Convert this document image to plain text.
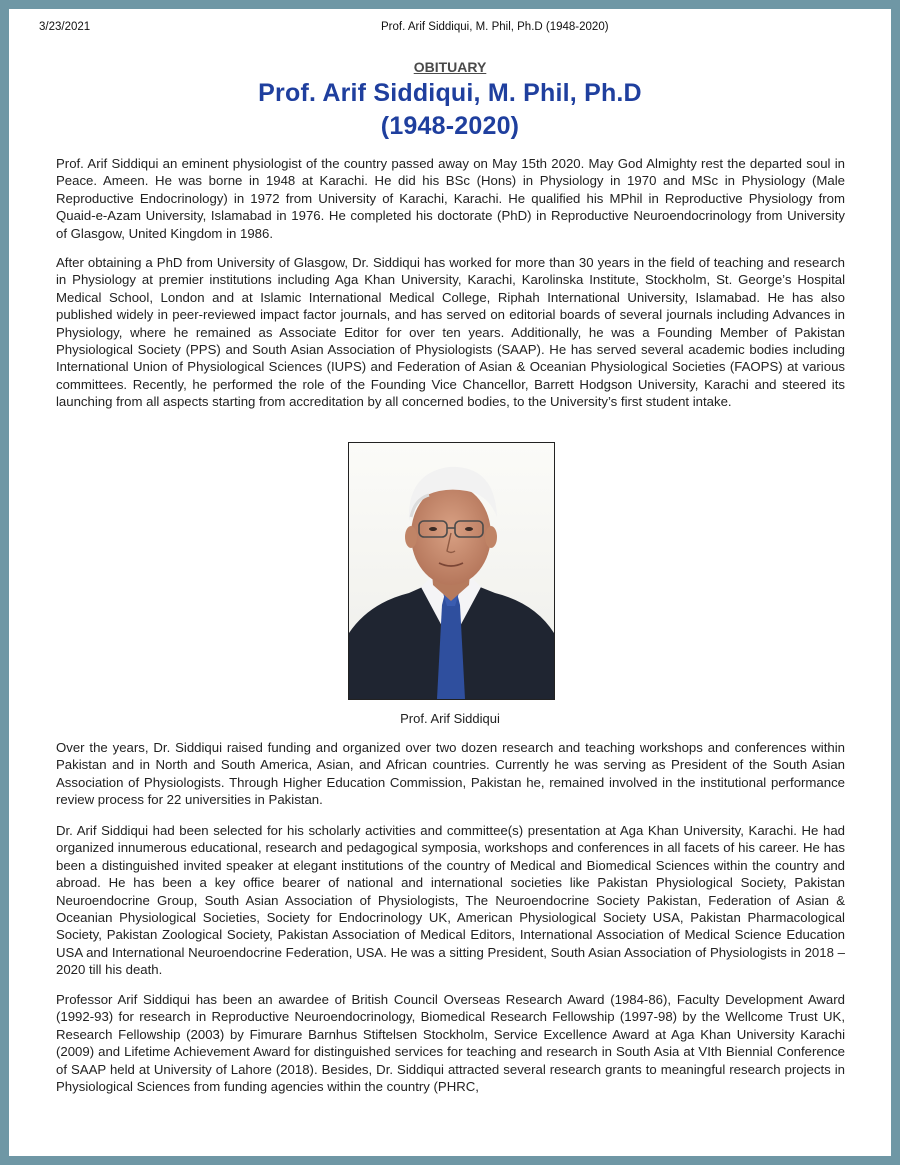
3/23/2021	Prof. Arif Siddiqui, M. Phil, Ph.D (1948-2020)
OBITUARY
Prof. Arif Siddiqui, M. Phil, Ph.D
(1948-2020)

Prof. Arif Siddiqui an eminent physiologist of the country passed away on May 15th 2020. May God Almighty rest the departed soul in Peace. Ameen. He was borne in 1948 at Karachi. He did his BSc (Hons) in Physiology in 1970 and MSc in Physiology (Male Reproductive Endocrinology) in 1972 from University of Karachi, Karachi. He qualified his MPhil in Reproductive Physiology from Quaid-e-Azam University, Islamabad in 1976. He completed his doctorate (PhD) in Reproductive Neuroendocrinology from University of Glasgow, United Kingdom in 1986.

After obtaining a PhD from University of Glasgow, Dr. Siddiqui has worked for more than 30 years in the field of teaching and research in Physiology at premier institutions including Aga Khan University, Karachi, Karolinska Institute, Stockholm, St. George’s Hospital Medical School, London and at Islamic International Medical College, Riphah International University, Islamabad. He has also published widely in peer-reviewed impact factor journals, and has served on editorial boards of several journals including Advances in Physiology, where he remained as Associate Editor for over ten years. Additionally, he was a Founding Member of Pakistan Physiological Society (PPS) and South Asian Association of Physiologists (SAAP). He has served several academic bodies including International Union of Physiological Sciences (IUPS) and Federation of Asian & Oceanian Physiological Societies (FAOPS) at various committees. Recently, he performed the role of the Founding Vice Chancellor, Barrett Hodgson University, Karachi and steered its launching from all aspects starting from accreditation by all concerned bodies, to the University’s first student intake.

Prof. Arif Siddiqui

Over the years, Dr. Siddiqui raised funding and organized over two dozen research and teaching workshops and conferences within Pakistan and in North and South America, Asian, and African countries. Currently he was serving as President of the South Asian Association of Physiologists. Through Higher Education Commission, Pakistan he, remained involved in the institutional performance review process for 22 universities in Pakistan.

Dr. Arif Siddiqui had been selected for his scholarly activities and committee(s) presentation at Aga Khan University, Karachi. He had organized innumerous educational, research and pedagogical symposia, workshops and conferences in all facets of his career. He has been a distinguished invited speaker at elegant institutions of the country of Medical and Biomedical Sciences within the country and abroad. He has been a key office bearer of national and international societies like Pakistan Physiological Society, Pakistan Neuroendocrine Group, South Asian Association of Physiologists, The Neuroendocrine Society Pakistan, Federation of Asian & Oceanian Physiological Societies, Society for Endocrinology UK, American Physiological Society USA, Pakistan Pharmacological Society, Pakistan Zoological Society, Pakistan Association of Medical Editors, International Association of Medical Science Education USA and International Neuroendocrine Federation, USA. He was a sitting President, South Asian Association of Physiologists in 2018 – 2020 till his death.

Professor Arif Siddiqui has been an awardee of British Council Overseas Research Award (1984-86), Faculty Development Award (1992-93) for research in Reproductive Neuroendocrinology, Biomedical Research Fellowship (1997-98) by the Wellcome Trust UK, Research Fellowship (2003) by Fimurare Barnhus Stiftelsen Stockholm, Service Excellence Award at Aga Khan University Karachi (2009) and Lifetime Achievement Award for distinguished services for teaching and research in South Asia at VIth Biennial Conference of SAAP held at University of Lahore (2018). Besides, Dr. Siddiqui attracted several research grants to meaningful research projects in Physiological Sciences from funding agencies within the country (PHRC,
